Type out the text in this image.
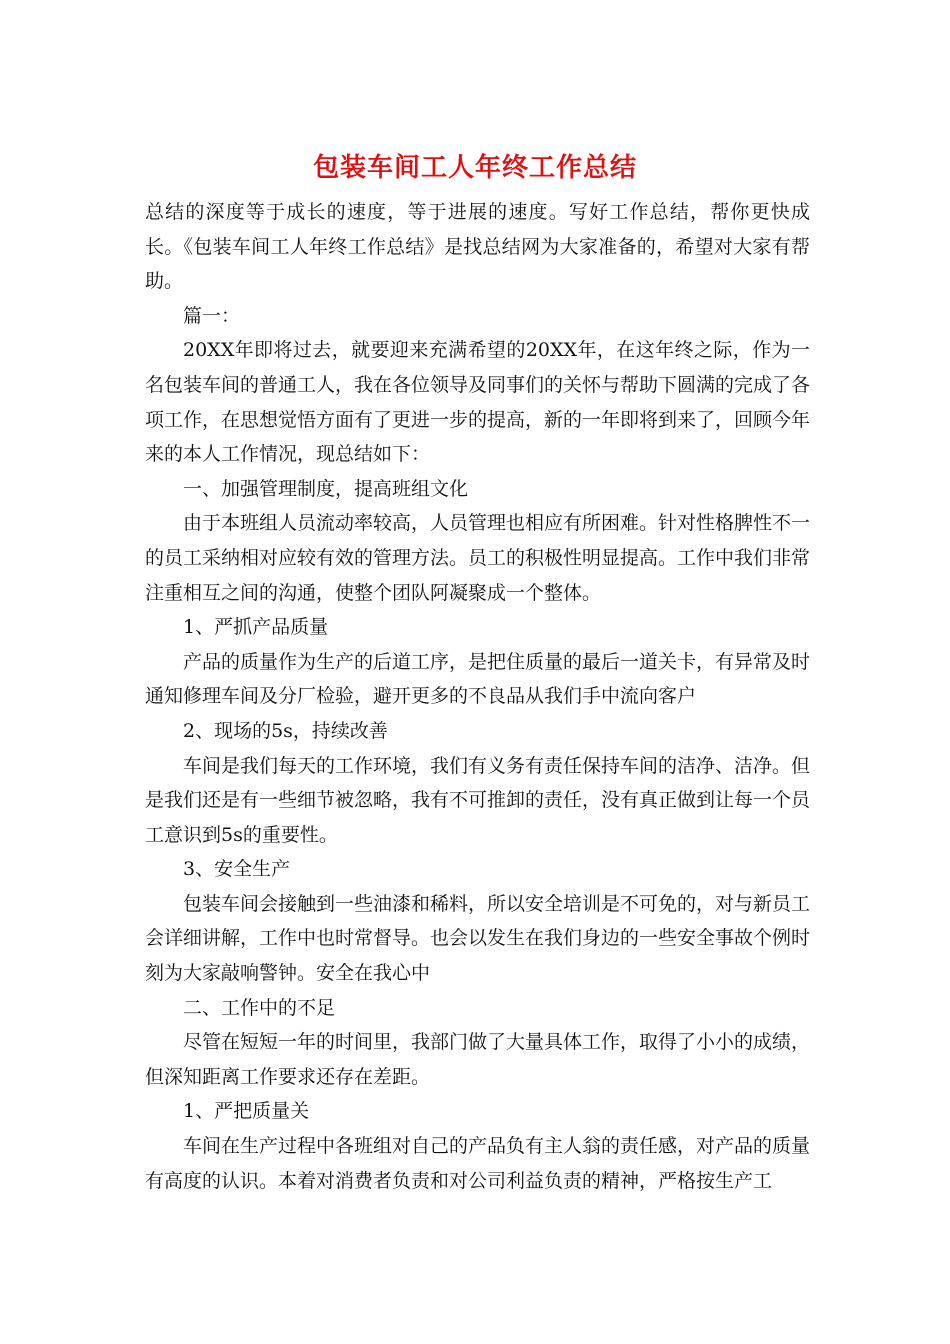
包装车间工人年终工作总结

总结的深度等于成长的速度，等于进展的速度。写好工作总结，帮你更快成长。《包装车间工人年终工作总结》是找总结网为大家准备的，希望对大家有帮助。

篇一：

20XX年即将过去，就要迎来充满希望的20XX年，在这年终之际，作为一名包装车间的普通工人，我在各位领导及同事们的关怀与帮助下圆满的完成了各项工作，在思想觉悟方面有了更进一步的提高，新的一年即将到来了，回顾今年来的本人工作情况，现总结如下：

一、加强管理制度，提高班组文化

由于本班组人员流动率较高，人员管理也相应有所困难。针对性格脾性不一的员工采纳相对应较有效的管理方法。员工的积极性明显提高。工作中我们非常注重相互之间的沟通，使整个团队阿凝聚成一个整体。

1、严抓产品质量

产品的质量作为生产的后道工序，是把住质量的最后一道关卡，有异常及时通知修理车间及分厂检验，避开更多的不良品从我们手中流向客户

2、现场的5s，持续改善

车间是我们每天的工作环境，我们有义务有责任保持车间的洁净、洁净。但是我们还是有一些细节被忽略，我有不可推卸的责任，没有真正做到让每一个员工意识到5s的重要性。

3、安全生产

包装车间会接触到一些油漆和稀料，所以安全培训是不可免的，对与新员工会详细讲解，工作中也时常督导。也会以发生在我们身边的一些安全事故个例时刻为大家敲响警钟。安全在我心中

二、工作中的不足

尽管在短短一年的时间里，我部门做了大量具体工作，取得了小小的成绩，但深知距离工作要求还存在差距。

1、严把质量关

车间在生产过程中各班组对自己的产品负有主人翁的责任感，对产品的质量有高度的认识。本着对消费者负责和对公司利益负责的精神，严格按生产工
